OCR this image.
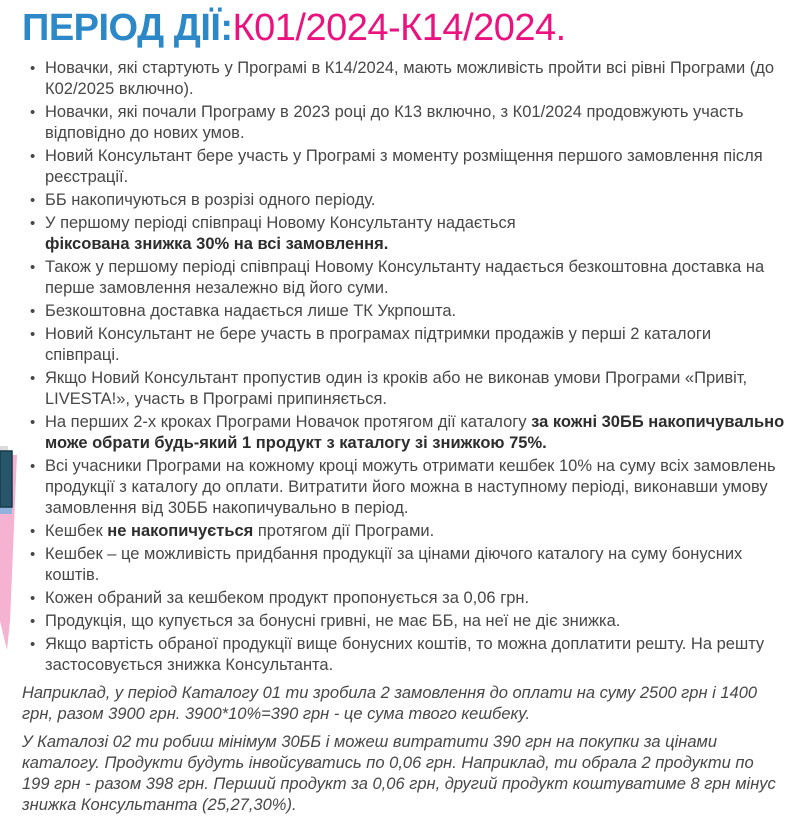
ПЕРІОД ДІЇ:К01/2024-К14/2024.
•
Новачки, які стартують у Програмі в К14/2024, мають можливість пройти всі рівні Програми (до К02/2025 включно).
•
Новачки, які почали Програму в 2023 році до К13 включно, з К01/2024 продовжують участь відповідно до нових умов.
•
Новий Консультант бере участь у Програмі з моменту розміщення першого замовлення після реєстрації.
•
ББ накопичуються в розрізі одного періоду.
•
У першому періоді співпраці Новому Консультанту надається
фіксована знижка 30% на всі замовлення.
•
Також у першому періоді співпраці Новому Консультанту надається безкоштовна доставка на перше замовлення незалежно від його суми.
•
Безкоштовна доставка надається лише ТК Укрпошта.
•
Новий Консультант не бере участь в програмах підтримки продажів у перші 2 каталоги співпраці.
•
Якщо Новий Консультант пропустив один із кроків або не виконав умови Програми «Привіт, LIVESTA!», участь в Програмі припиняється.
•
На перших 2-х кроках Програми Новачок протягом дії каталогу за кожні 30ББ накопичувально може обрати будь-який 1 продукт з каталогу зі знижкою 75%.
•
Всі учасники Програми на кожному кроці можуть отримати кешбек 10% на суму всіх замовлень продукції з каталогу до оплати. Витратити його можна в наступному періоді, виконавши умову замовлення від 30ББ накопичувально в період.
•
Кешбек не накопичується протягом дії Програми.
•
Кешбек – це можливість придбання продукції за цінами діючого каталогу на суму бонусних коштів.
•
Кожен обраний за кешбеком продукт пропонується за 0,06 грн.
•
Продукція, що купується за бонусні гривні, не має ББ, на неї не діє знижка.
•
Якщо вартість обраної продукції вище бонусних коштів, то можна доплатити решту. На решту застосовується знижка Консультанта.

Наприклад, у період Каталогу 01 ти зробила 2 замовлення до оплати на суму 2500 грн і 1400 грн, разом 3900 грн. 3900*10%=390 грн - це сума твого кешбеку.

У Каталозі 02 ти робиш мінімум 30ББ і можеш витратити 390 грн на покупки за цінами каталогу. Продукти будуть інвойсуватись по 0,06 грн. Наприклад, ти обрала 2 продукти по 199 грн - разом 398 грн. Перший продукт за 0,06 грн, другий продукт коштуватиме 8 грн мінус знижка Консультанта (25,27,30%).
